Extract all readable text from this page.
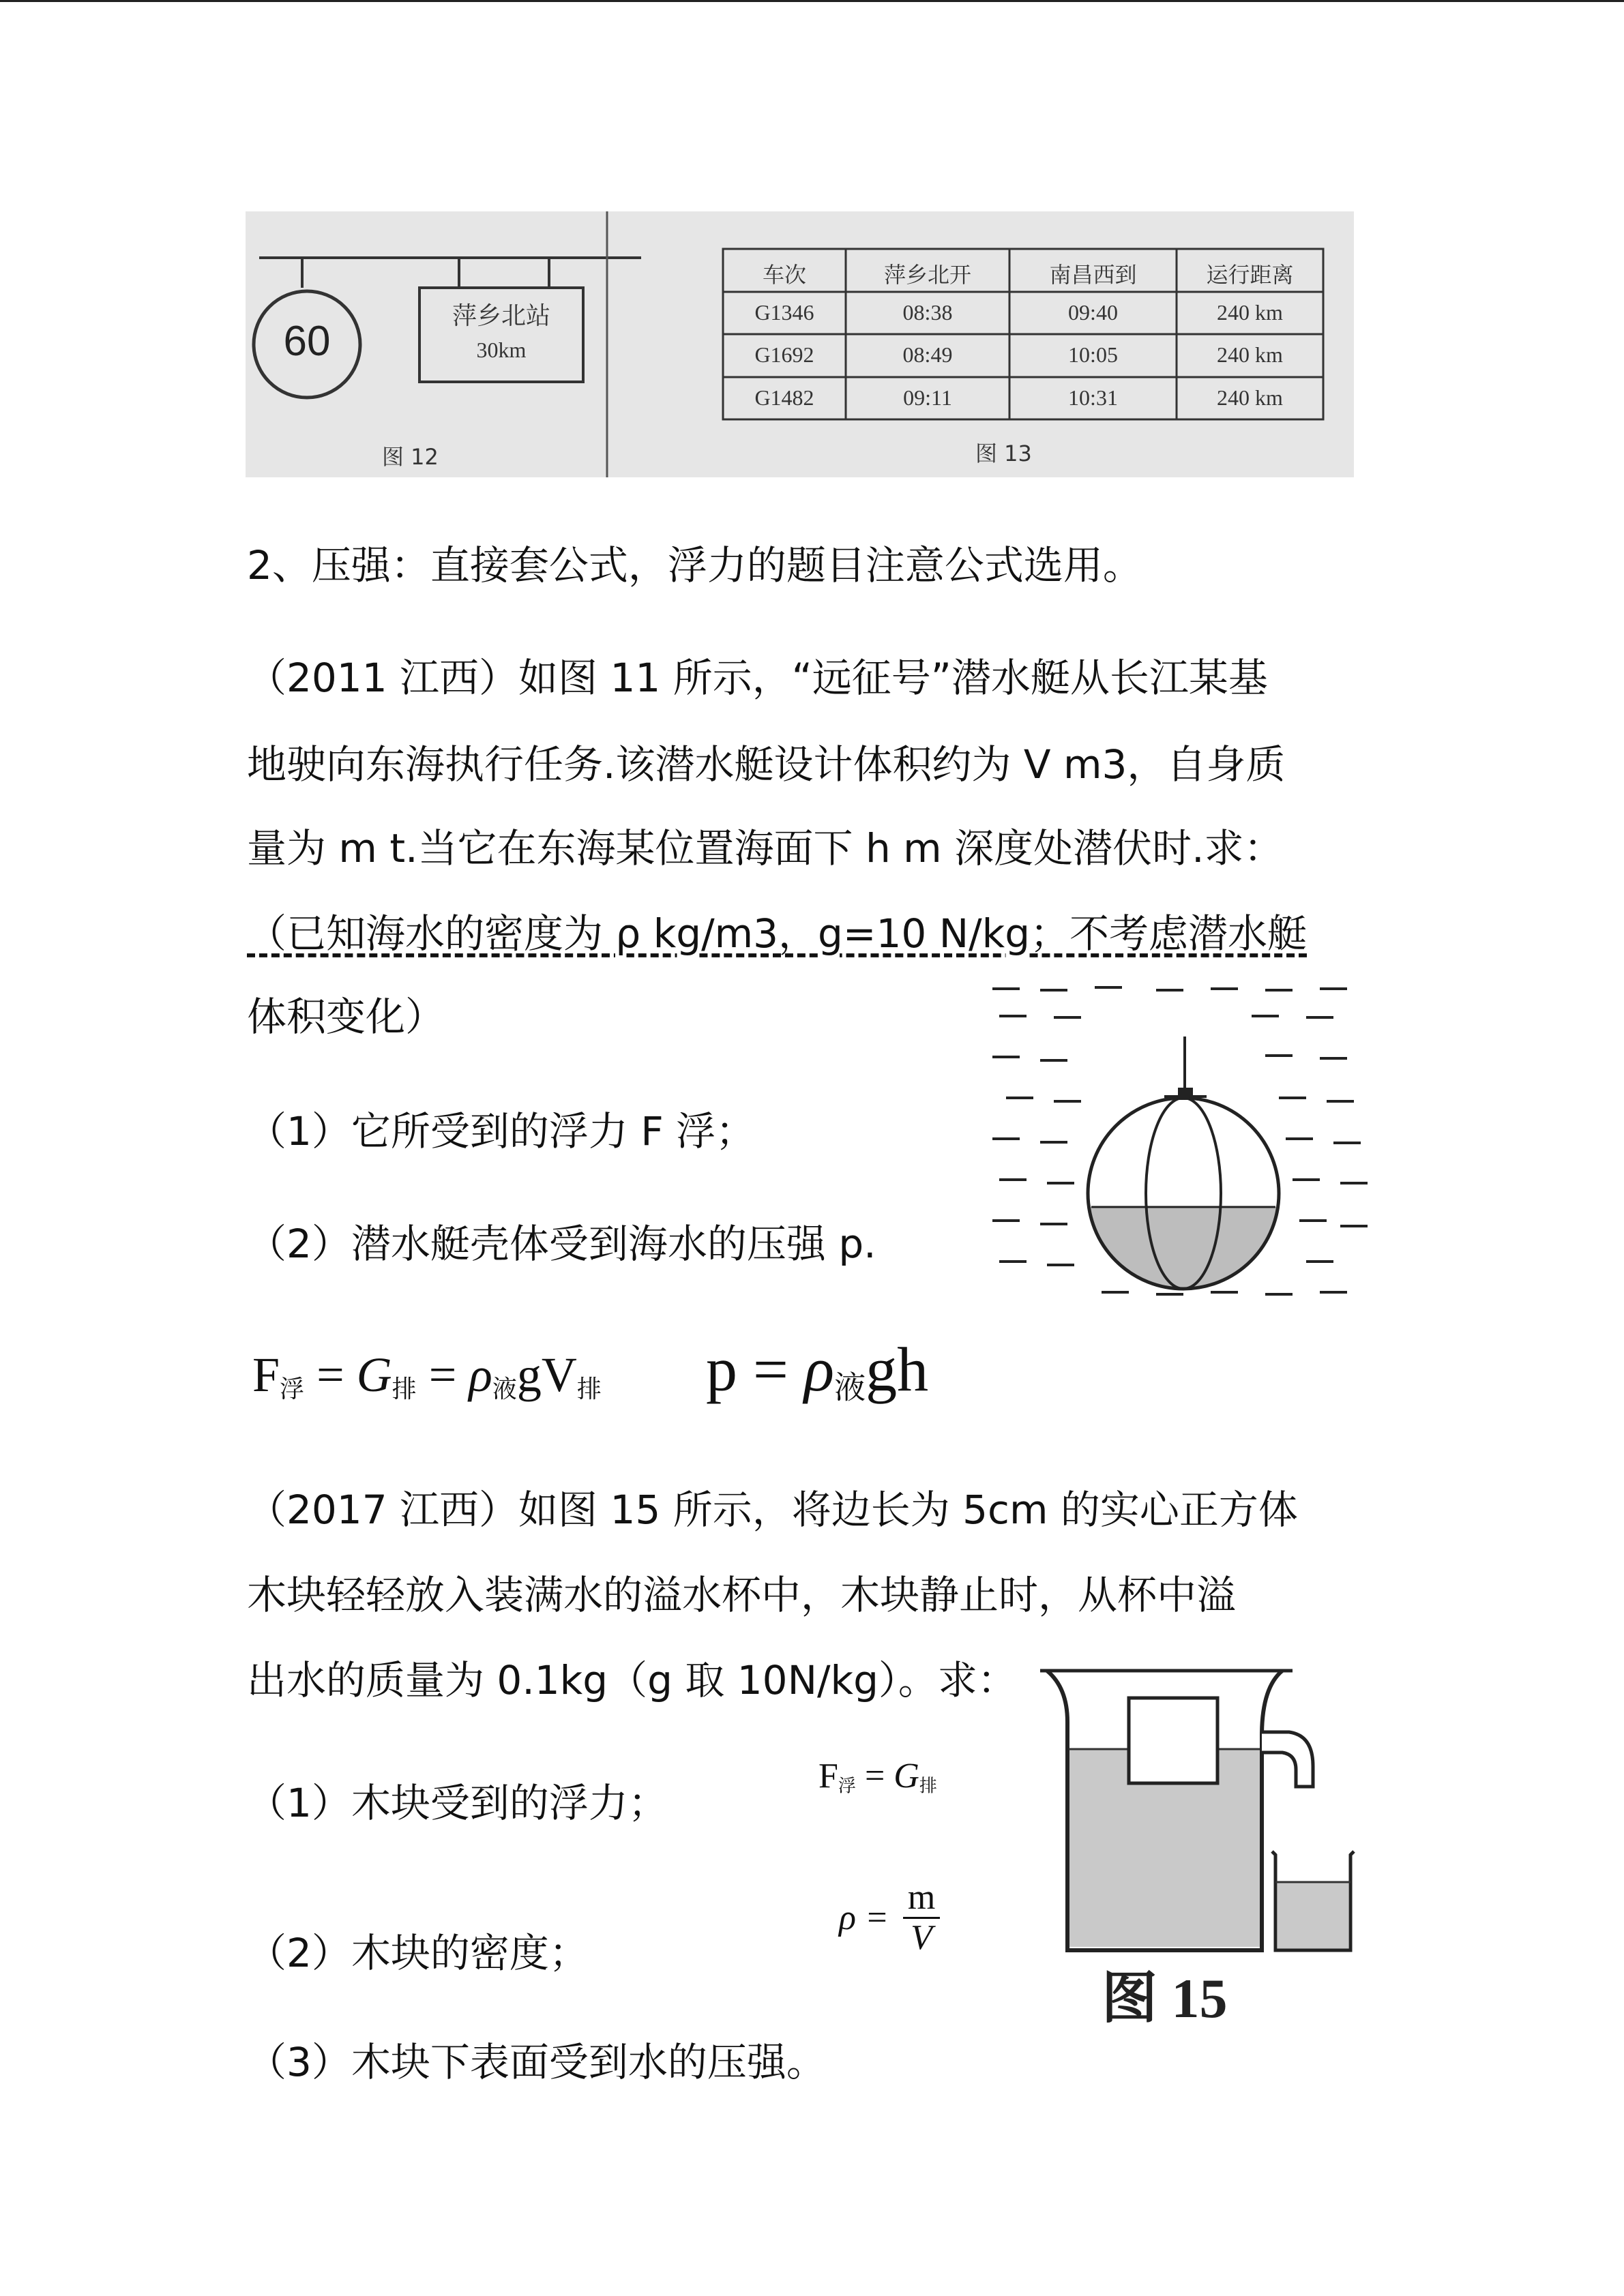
60
萍乡北站
30km
图 12
车次	萍乡北开	南昌西到	运行距离
G1346	08:38	09:40	240 km
G1692	08:49	10:05	240 km
G1482	09:11	10:31	240 km
图 13
2、压强：直接套公式，浮力的题目注意公式选用。
（2011 江西）如图 11 所示，“远征号”潜水艇从长江某基
地驶向东海执行任务.该潜水艇设计体积约为 V m3，自身质
量为 m t.当它在东海某位置海面下 h m 深度处潜伏时.求：
（已知海水的密度为 ρ kg/m3，g=10 N/kg；不考虑潜水艇
体积变化）
（1）它所受到的浮力 F 浮；
（2）潜水艇壳体受到海水的压强 p.
$F_浮 = G_排 = \rho_液gV_排$ $p = \rho_液gh$
（2017 江西）如图 15 所示，将边长为 5cm 的实心正方体
木块轻轻放入装满水的溢水杯中，木块静止时，从杯中溢
出水的质量为 0.1kg（g 取 10N/kg）。求：
（1）木块受到的浮力；
（2）木块的密度；
（3）木块下表面受到水的压强。
$F_浮 = G_排$
ρ =
m
V
图 15
